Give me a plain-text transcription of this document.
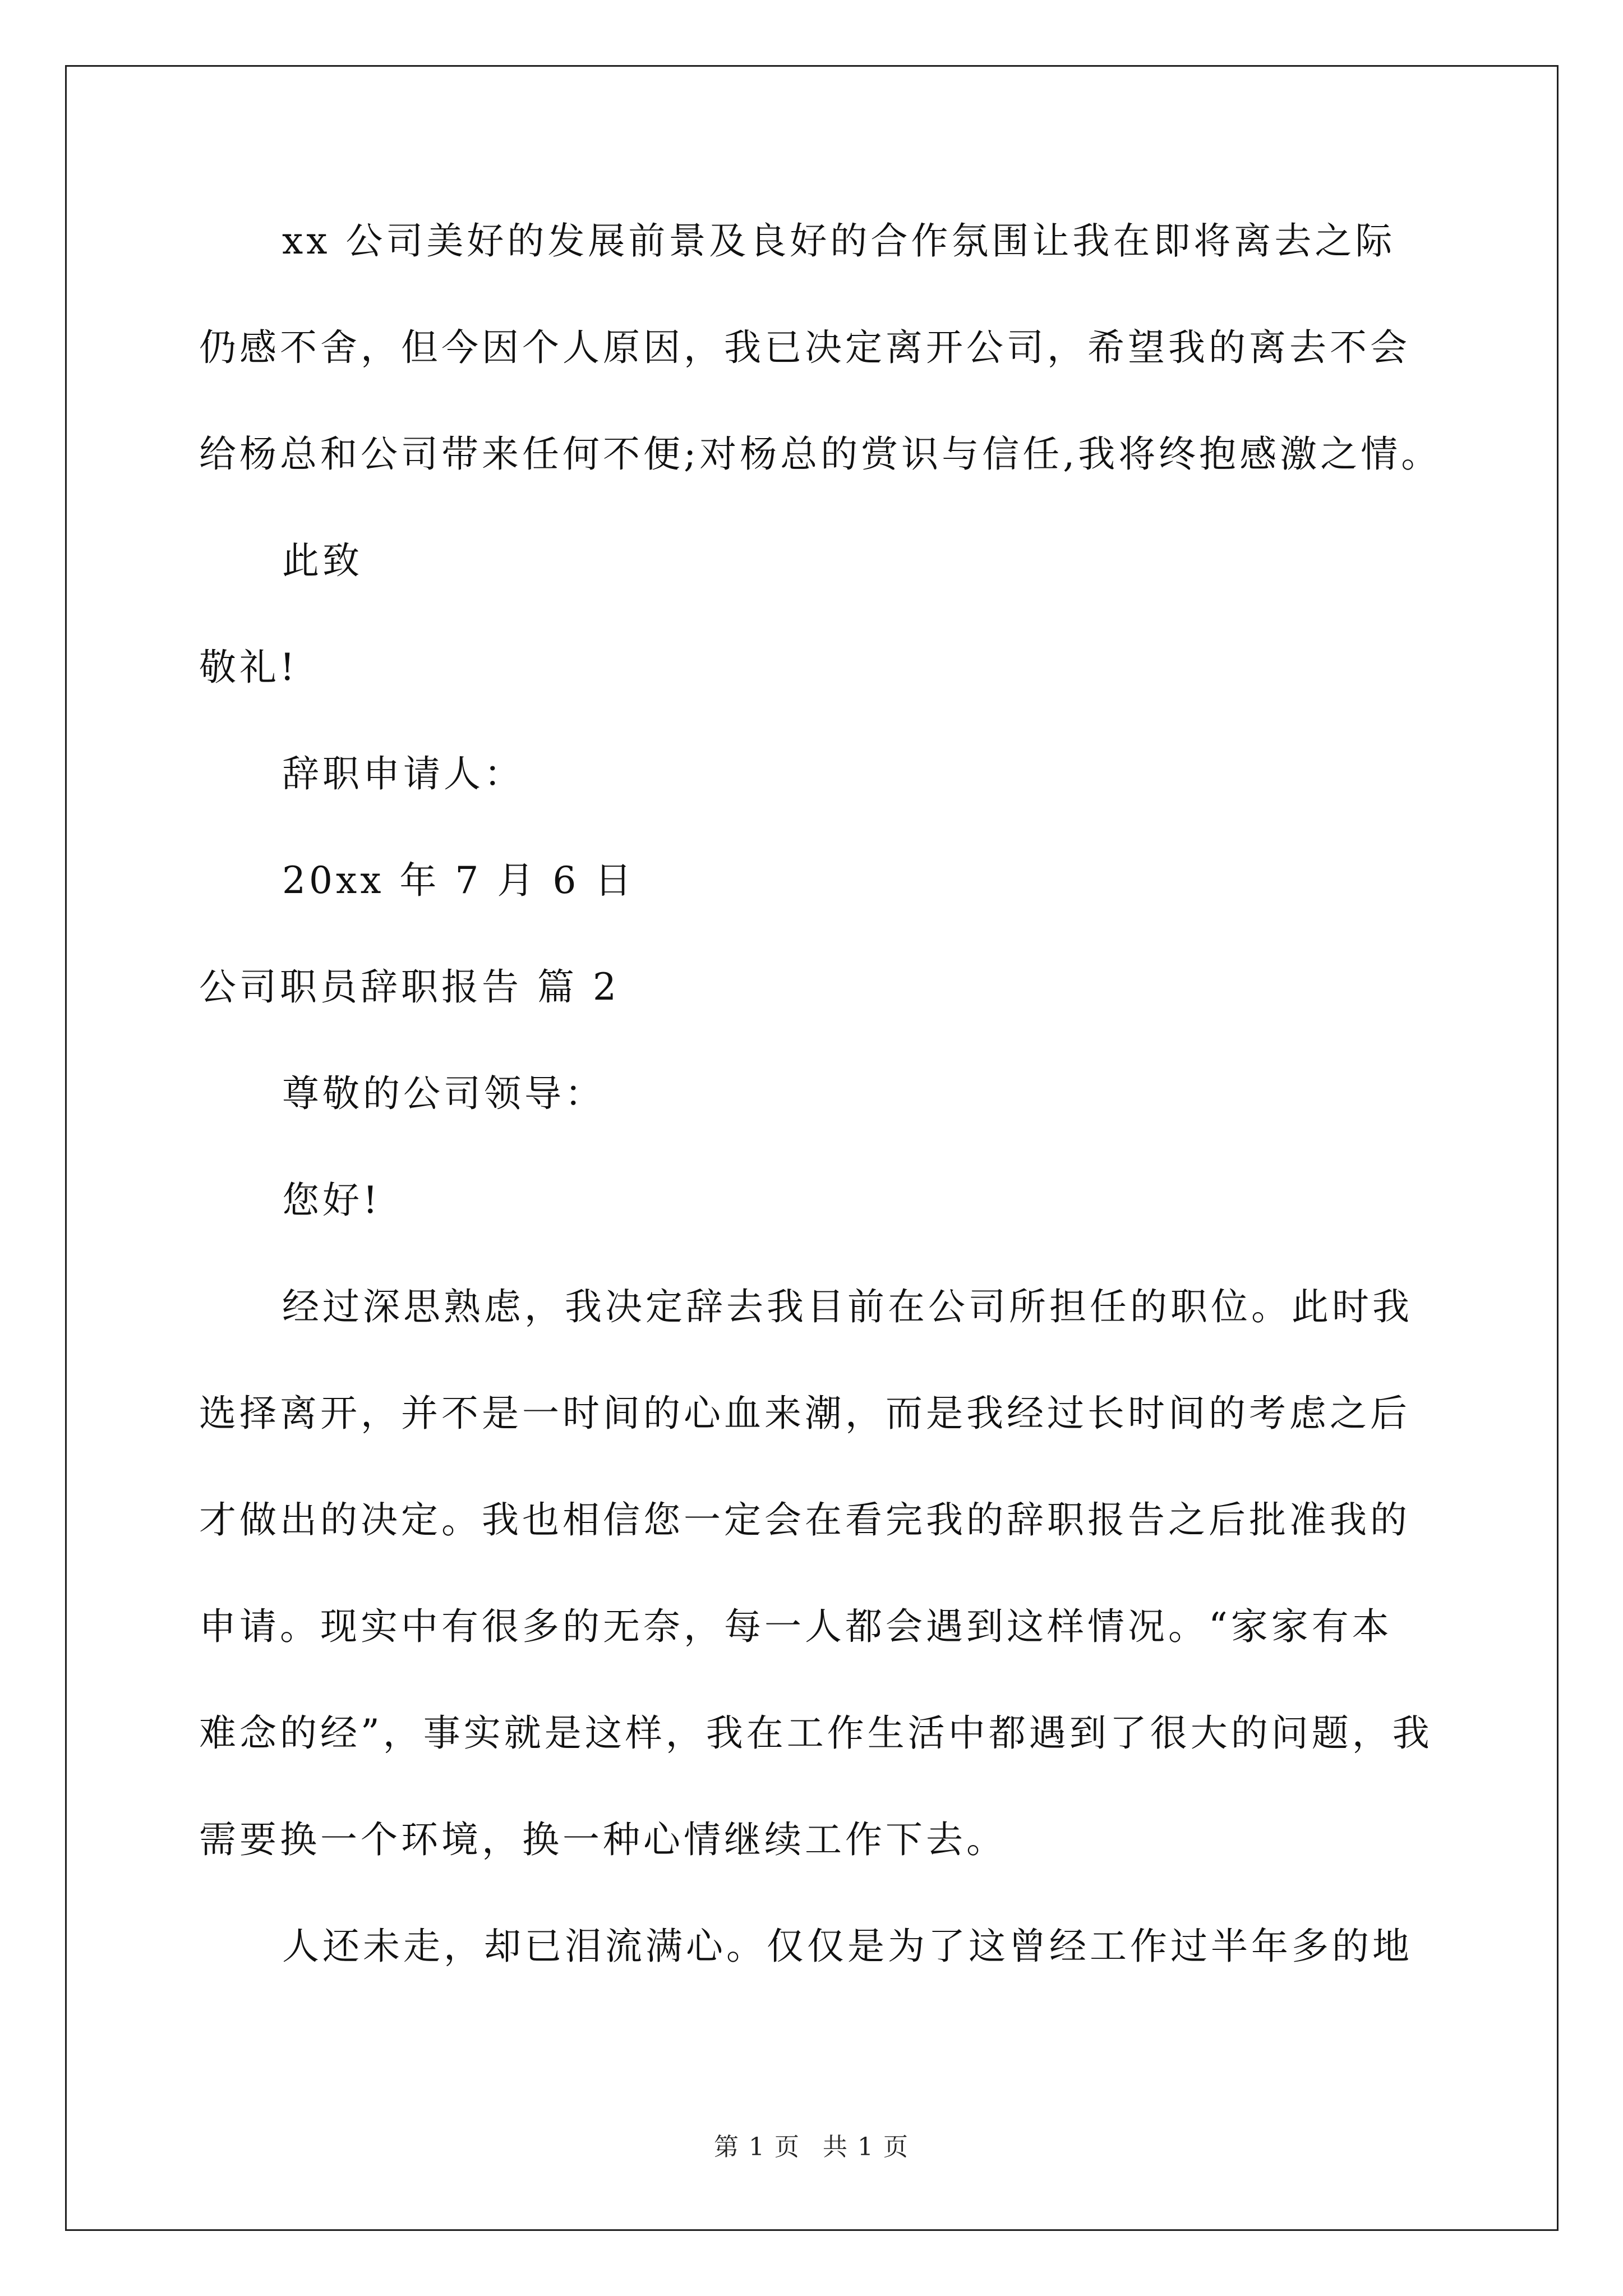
xx 公司美好的发展前景及良好的合作氛围让我在即将离去之际
仍感不舍，但今因个人原因，我已决定离开公司，希望我的离去不会
给杨总和公司带来任何不便;对杨总的赏识与信任,我将终抱感激之情。
此致
敬礼!
辞职申请人：
20xx 年 7 月 6 日
公司职员辞职报告 篇 2
尊敬的公司领导：
您好!
经过深思熟虑，我决定辞去我目前在公司所担任的职位。此时我
选择离开，并不是一时间的心血来潮，而是我经过长时间的考虑之后
才做出的决定。我也相信您一定会在看完我的辞职报告之后批准我的
申请。现实中有很多的无奈，每一人都会遇到这样情况。“家家有本
难念的经”，事实就是这样，我在工作生活中都遇到了很大的问题，我
需要换一个环境，换一种心情继续工作下去。
人还未走，却已泪流满心。仅仅是为了这曾经工作过半年多的地
第 1 页 共 1 页
